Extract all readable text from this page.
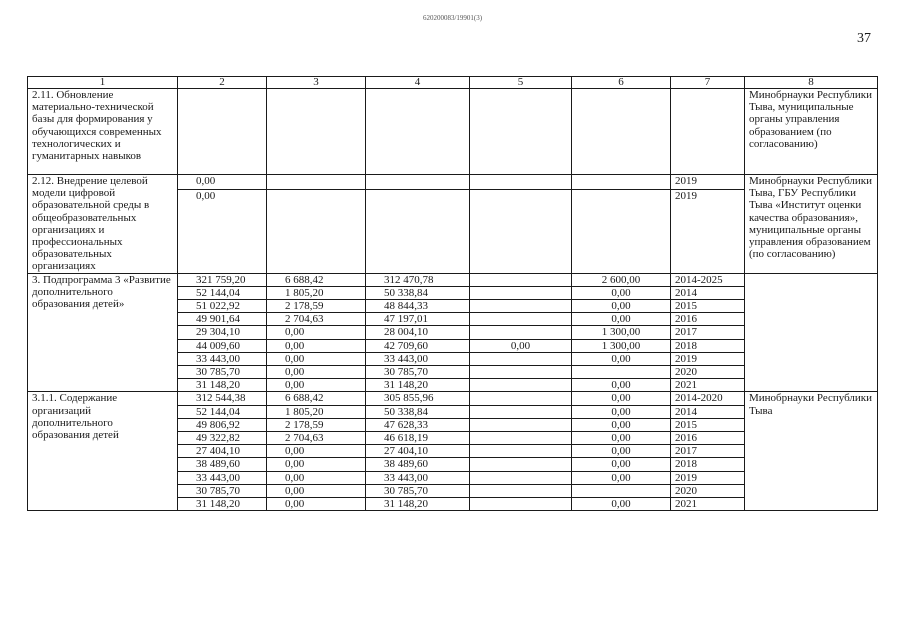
620200083/19901(3)
37
1	2	3	4	5	6	7	8
2.11. Обновление материально-технической базы для формирования у обучающихся современных технологических и гуманитарных навыков							Минобрнауки Республики Тыва, муниципальные органы управления образованием (по согласованию)
2.12. Внедрение целевой модели цифровой образовательной среды в общеобразовательных организациях и профессиональных образовательных организациях	0,00					2019	Минобрнауки Республики Тыва, ГБУ Республики Тыва «Институт оценки качества образования», муниципальные органы управления образованием (по согласованию)
	0,00					2019	
3. Подпрограмма 3 «Развитие дополнительного образования детей»	321 759,20	6 688,42	312 470,78		2 600,00	2014-2025	
	52 144,04	1 805,20	50 338,84		0,00	2014	
	51 022,92	2 178,59	48 844,33		0,00	2015	
	49 901,64	2 704,63	47 197,01		0,00	2016	
	29 304,10	0,00	28 004,10		1 300,00	2017	
	44 009,60	0,00	42 709,60	0,00	1 300,00	2018	
	33 443,00	0,00	33 443,00		0,00	2019	
	30 785,70	0,00	30 785,70			2020	
	31 148,20	0,00	31 148,20		0,00	2021	
3.1.1. Содержание организаций дополнительного образования детей	312 544,38	6 688,42	305 855,96		0,00	2014-2020	Минобрнауки Республики Тыва
	52 144,04	1 805,20	50 338,84		0,00	2014	
	49 806,92	2 178,59	47 628,33		0,00	2015	
	49 322,82	2 704,63	46 618,19		0,00	2016	
	27 404,10	0,00	27 404,10		0,00	2017	
	38 489,60	0,00	38 489,60		0,00	2018	
	33 443,00	0,00	33 443,00		0,00	2019	
	30 785,70	0,00	30 785,70			2020	
	31 148,20	0,00	31 148,20		0,00	2021	
